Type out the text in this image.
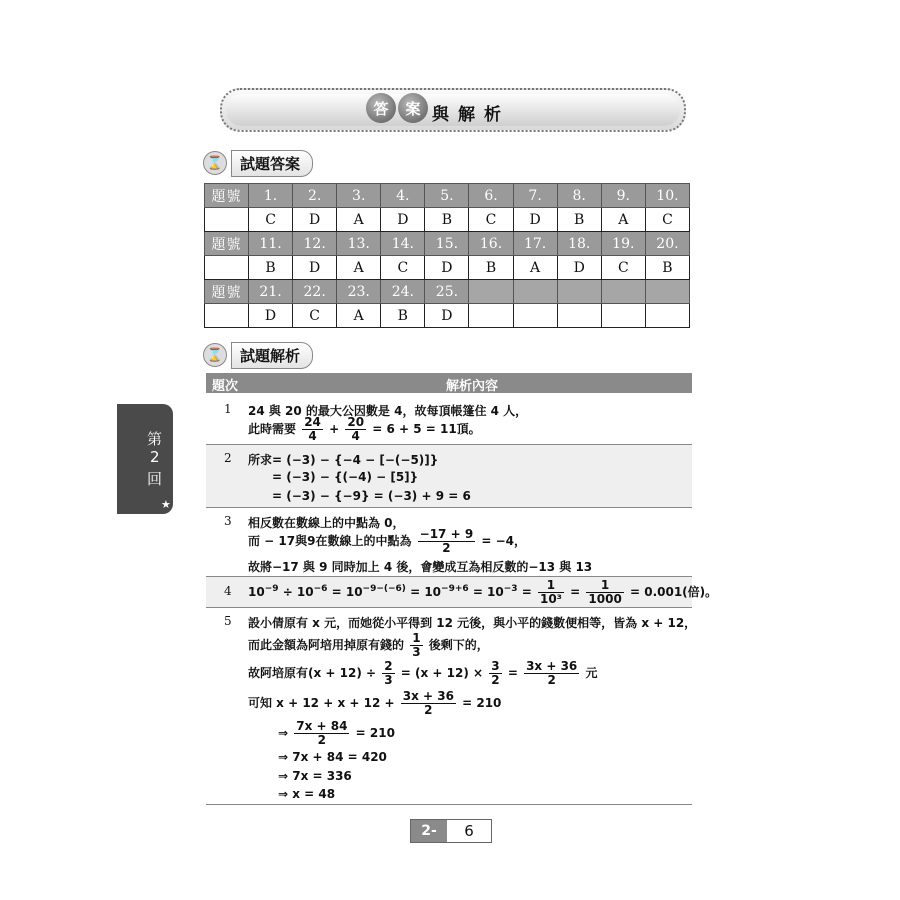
答	案 與解析
⌛	試題答案
題號	1.	2.	3.	4.	5.	6.	7.	8.	9.	10.
解答	C	D	A	D	B	C	D	B	A	C
題號	11.	12.	13.	14.	15.	16.	17.	18.	19.	20.
解答	B	D	A	C	D	B	A	D	C	B
題號	21.	22.	23.	24.	25.					
解答	D	C	A	B	D					
⌛	試題解析
題次	解析內容
1 24 與 20 的最大公因數是 4，故每頂帳篷住 4 人，
此時需要 $\frac{24}{4} + \frac{20}{4} = 6 + 5 = 11$頂。
2 所求= (−3) − {−4 − [−(−5)]}
= (−3) − {(−4) − [5]}
= (−3) − {−9} = (−3) + 9 = 6
3 相反數在數線上的中點為 0，
而 − 17與9在數線上的中點為 $\frac{-17 + 9}{2} = -4$，
故將−17 與 9 同時加上 4 後，會變成互為相反數的−13 與 13
4 $10^{-9} \div 10^{-6} = 10^{-9-(-6)} = 10^{-9+6} = 10^{-3} = \frac{1}{\text{10³}} = \frac{1}{1000} = 0.001$(倍)。
5 設小倩原有 x 元，而她從小平得到 12 元後，與小平的錢數便相等，皆為 x + 12，
而此金額為阿培用掉原有錢的 $\frac{1}{3}$ 後剩下的，
故阿培原有$(x + 12) \div \frac{2}{3} = (x + 12) \times \frac{3}{2} = \frac{3x + 36}{2}$ 元
可知 $x + 12 + x + 12 + \frac{3x + 36}{2} = 210$
⇒ $\frac{7x + 84}{2} = 210$
⇒ 7x + 84 = 420
⇒ 7x = 336
⇒ x = 48
第
2
回
★
2-	6
